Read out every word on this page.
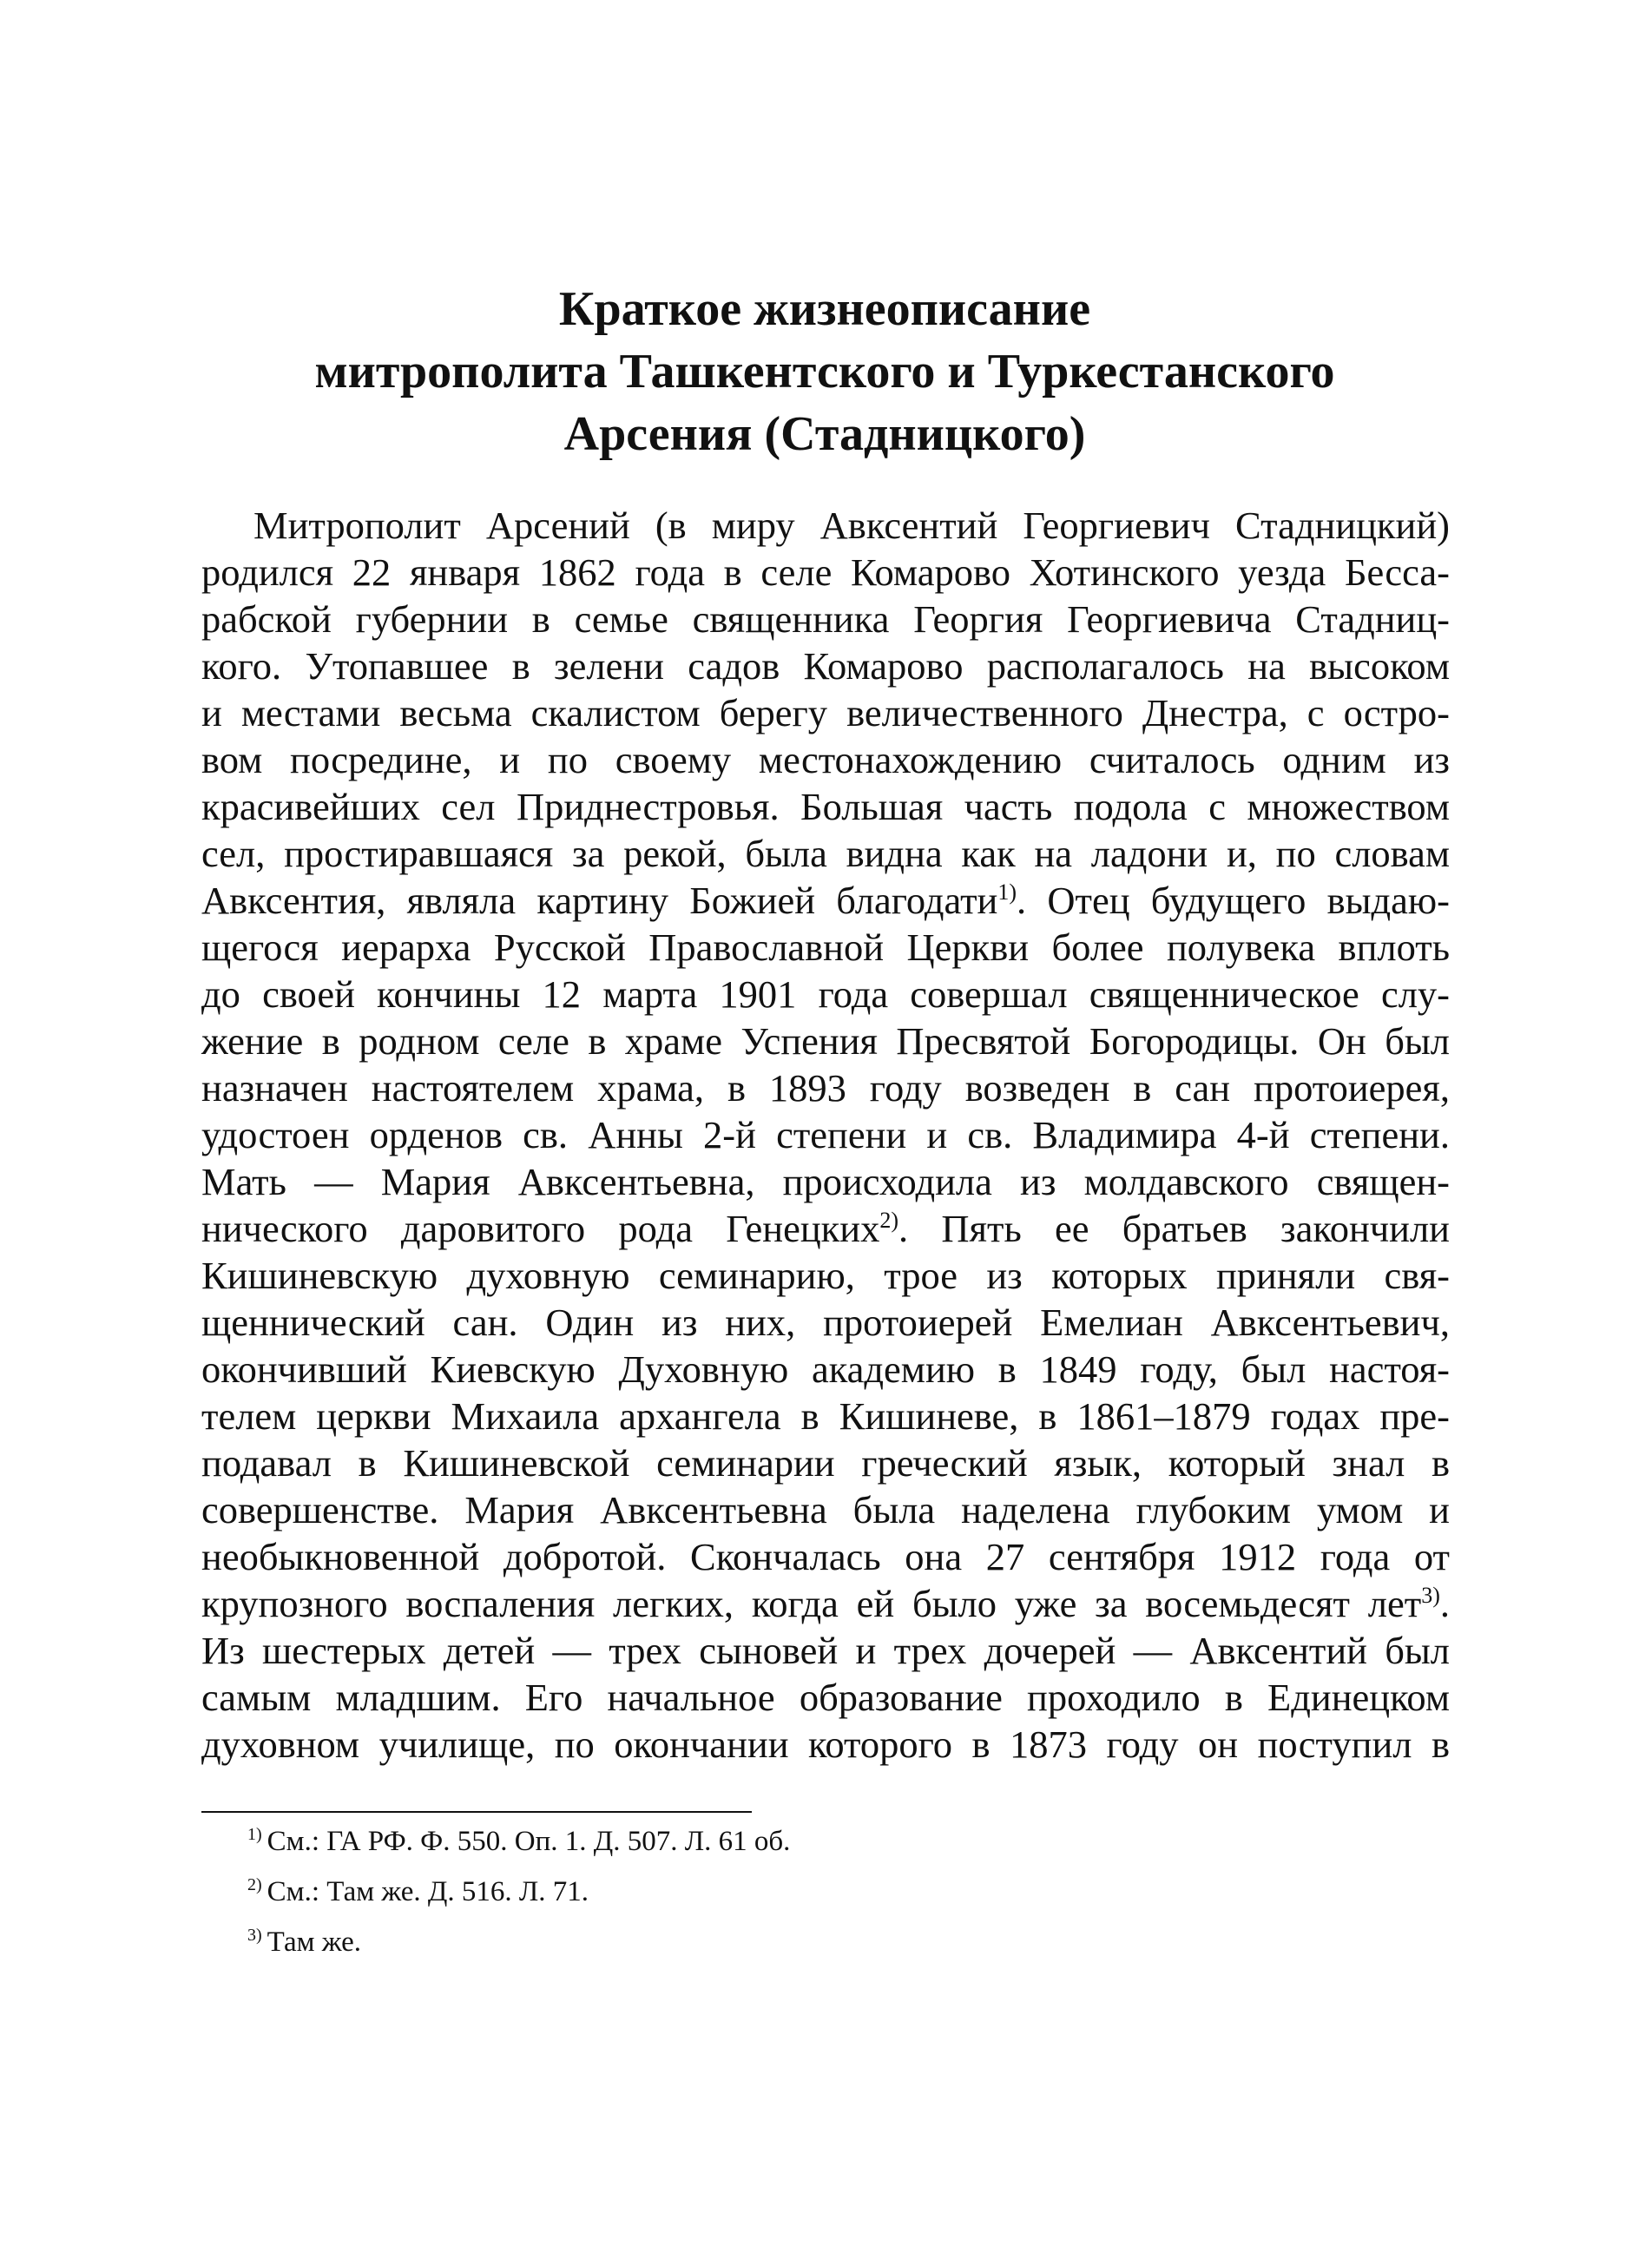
Краткое жизнеописание
митрополита Ташкентского и Туркестанского
Арсения (Стадницкого)
Митрополит Арсений (в миру Авксентий Георгиевич Стадницкий)
родился 22 января 1862 года в селе Комарово Хотинского уезда Бесса-
рабской губернии в семье священника Георгия Георгиевича Стадниц-
кого. Утопавшее в зелени садов Комарово располагалось на высоком
и местами весьма скалистом берегу величественного Днестра, с остро-
вом посредине, и по своему местонахождению считалось одним из
красивейших сел Приднестровья. Большая часть подола с множеством
сел, простиравшаяся за рекой, была видна как на ладони и, по словам
Авксентия, являла картину Божией благодати$^{1)}$. Отец будущего выдаю-
щегося иерарха Русской Православной Церкви более полувека вплоть
до своей кончины 12 марта 1901 года совершал священническое слу-
жение в родном селе в храме Успения Пресвятой Богородицы. Он был
назначен настоятелем храма, в 1893 году возведен в сан протоиерея,
удостоен орденов св. Анны 2-й степени и св. Владимира 4-й степени.
Мать — Мария Авксентьевна, происходила из молдавского священ-
нического даровитого рода Генецких$^{2)}$. Пять ее братьев закончили
Кишиневскую духовную семинарию, трое из которых приняли свя-
щеннический сан. Один из них, протоиерей Емелиан Авксентьевич,
окончивший Киевскую Духовную академию в 1849 году, был настоя-
телем церкви Михаила архангела в Кишиневе, в 1861–1879 годах пре-
подавал в Кишиневской семинарии греческий язык, который знал в
совершенстве. Мария Авксентьевна была наделена глубоким умом и
необыкновенной добротой. Скончалась она 27 сентября 1912 года от
крупозного воспаления легких, когда ей было уже за восемьдесят лет$^{3)}$.
Из шестерых детей — трех сыновей и трех дочерей — Авксентий был
самым младшим. Его начальное образование проходило в Единецком
духовном училище, по окончании которого в 1873 году он поступил в
$^{1)}$ См.: ГА РФ. Ф. 550. Оп. 1. Д. 507. Л. 61 об.
$^{2)}$ См.: Там же. Д. 516. Л. 71.
$^{3)}$ Там же.
